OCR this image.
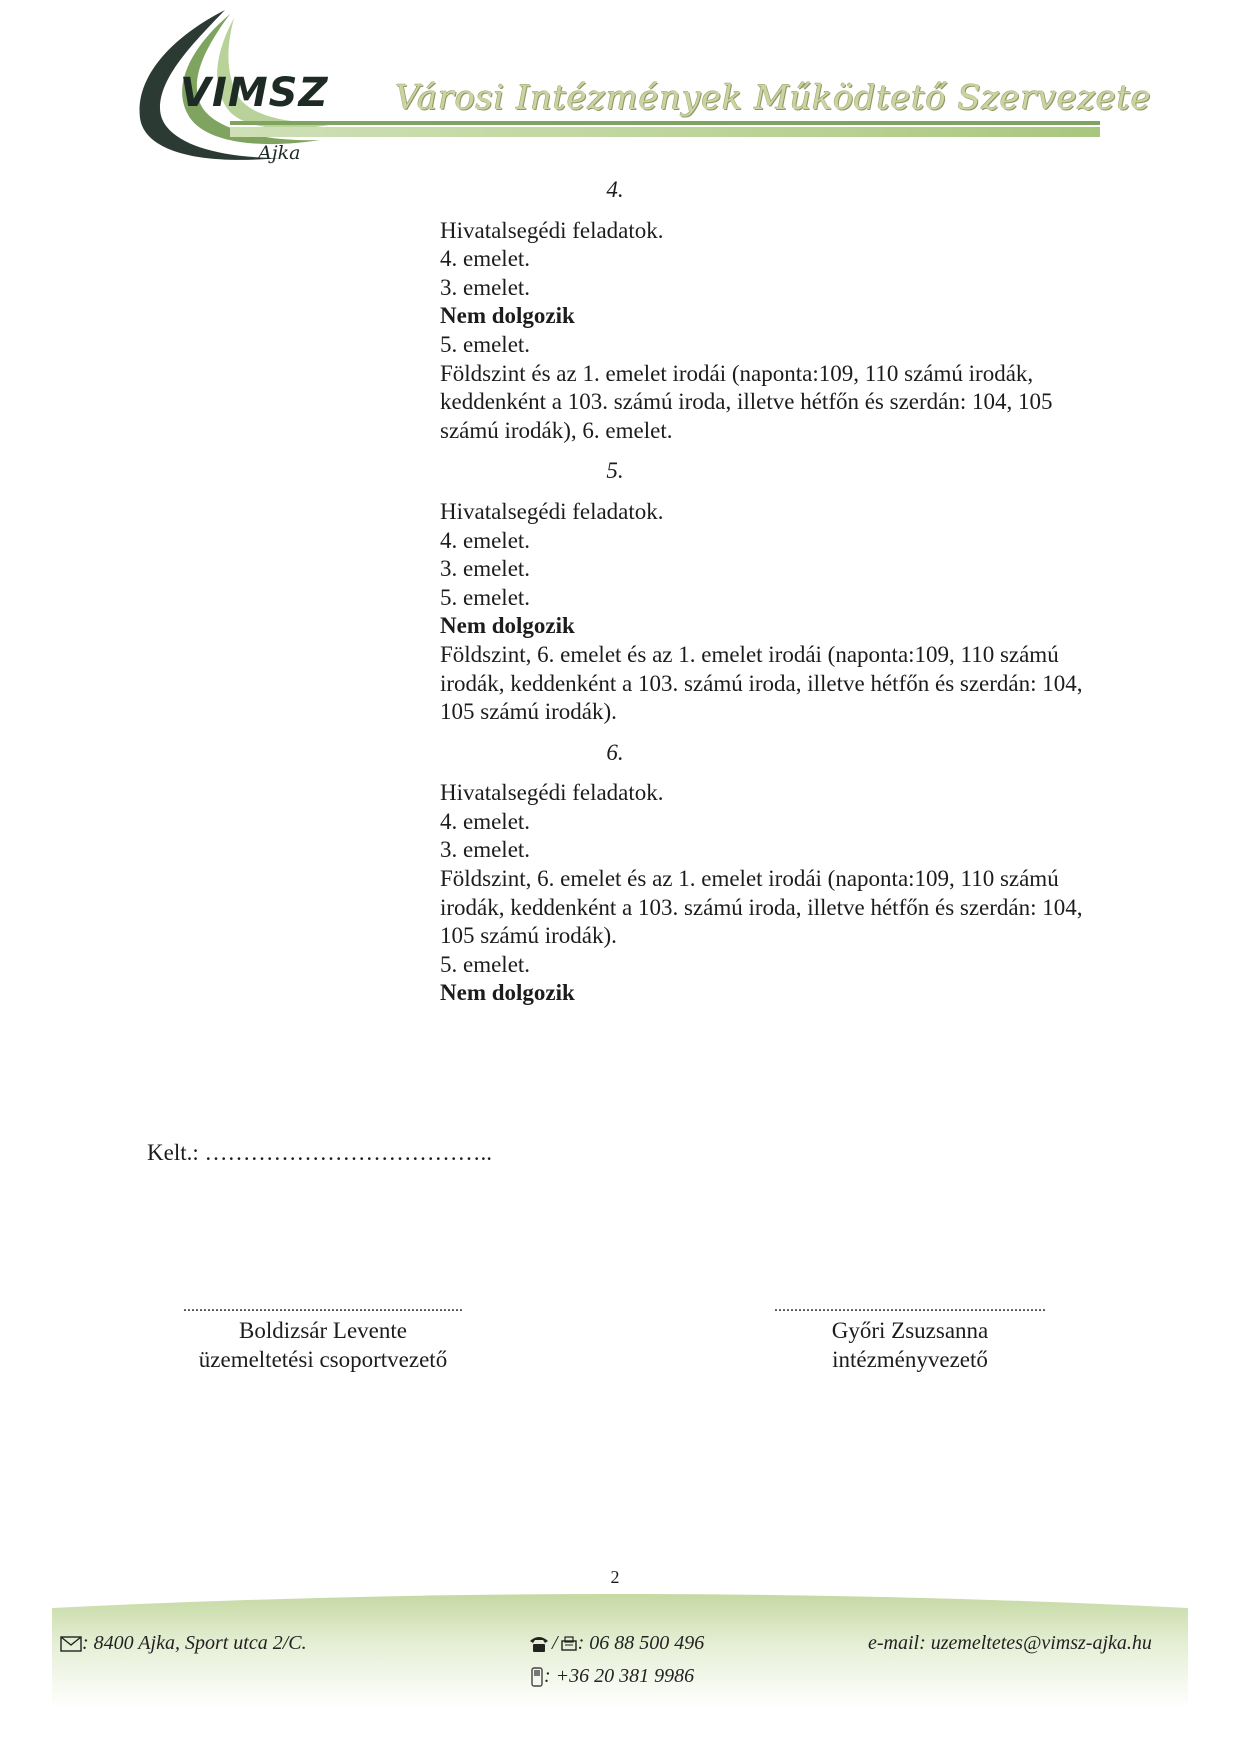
VIMSZ
Ajka
Városi Intézmények Működtető Szervezete
4.
Hivatalsegédi feladatok.
4. emelet.
3. emelet.
Nem dolgozik
5. emelet.
Földszint és az 1. emelet irodái (naponta:109, 110 számú irodák, keddenként a 103. számú iroda, illetve hétfőn és szerdán: 104, 105 számú irodák), 6. emelet.
5.
Hivatalsegédi feladatok.
4. emelet.
3. emelet.
5. emelet.
Nem dolgozik
Földszint, 6. emelet és az 1. emelet irodái (naponta:109, 110 számú irodák, keddenként a 103. számú iroda, illetve hétfőn és szerdán: 104, 105 számú irodák).
6.
Hivatalsegédi feladatok.
4. emelet.
3. emelet.
Földszint, 6. emelet és az 1. emelet irodái (naponta:109, 110 számú irodák, keddenként a 103. számú iroda, illetve hétfőn és szerdán: 104, 105 számú irodák).
5. emelet.
Nem dolgozik
Kelt.: ………………………………..
......................................................................
Boldizsár Levente
üzemeltetési csoportvezető
....................................................................
Győri Zsuzsanna
intézményvezető
2
: 8400 Ajka, Sport utca 2/C.	/ : 06 88 500 496
: +36 20 381 9986
e-mail: uzemeltetes@vimsz-ajka.hu
